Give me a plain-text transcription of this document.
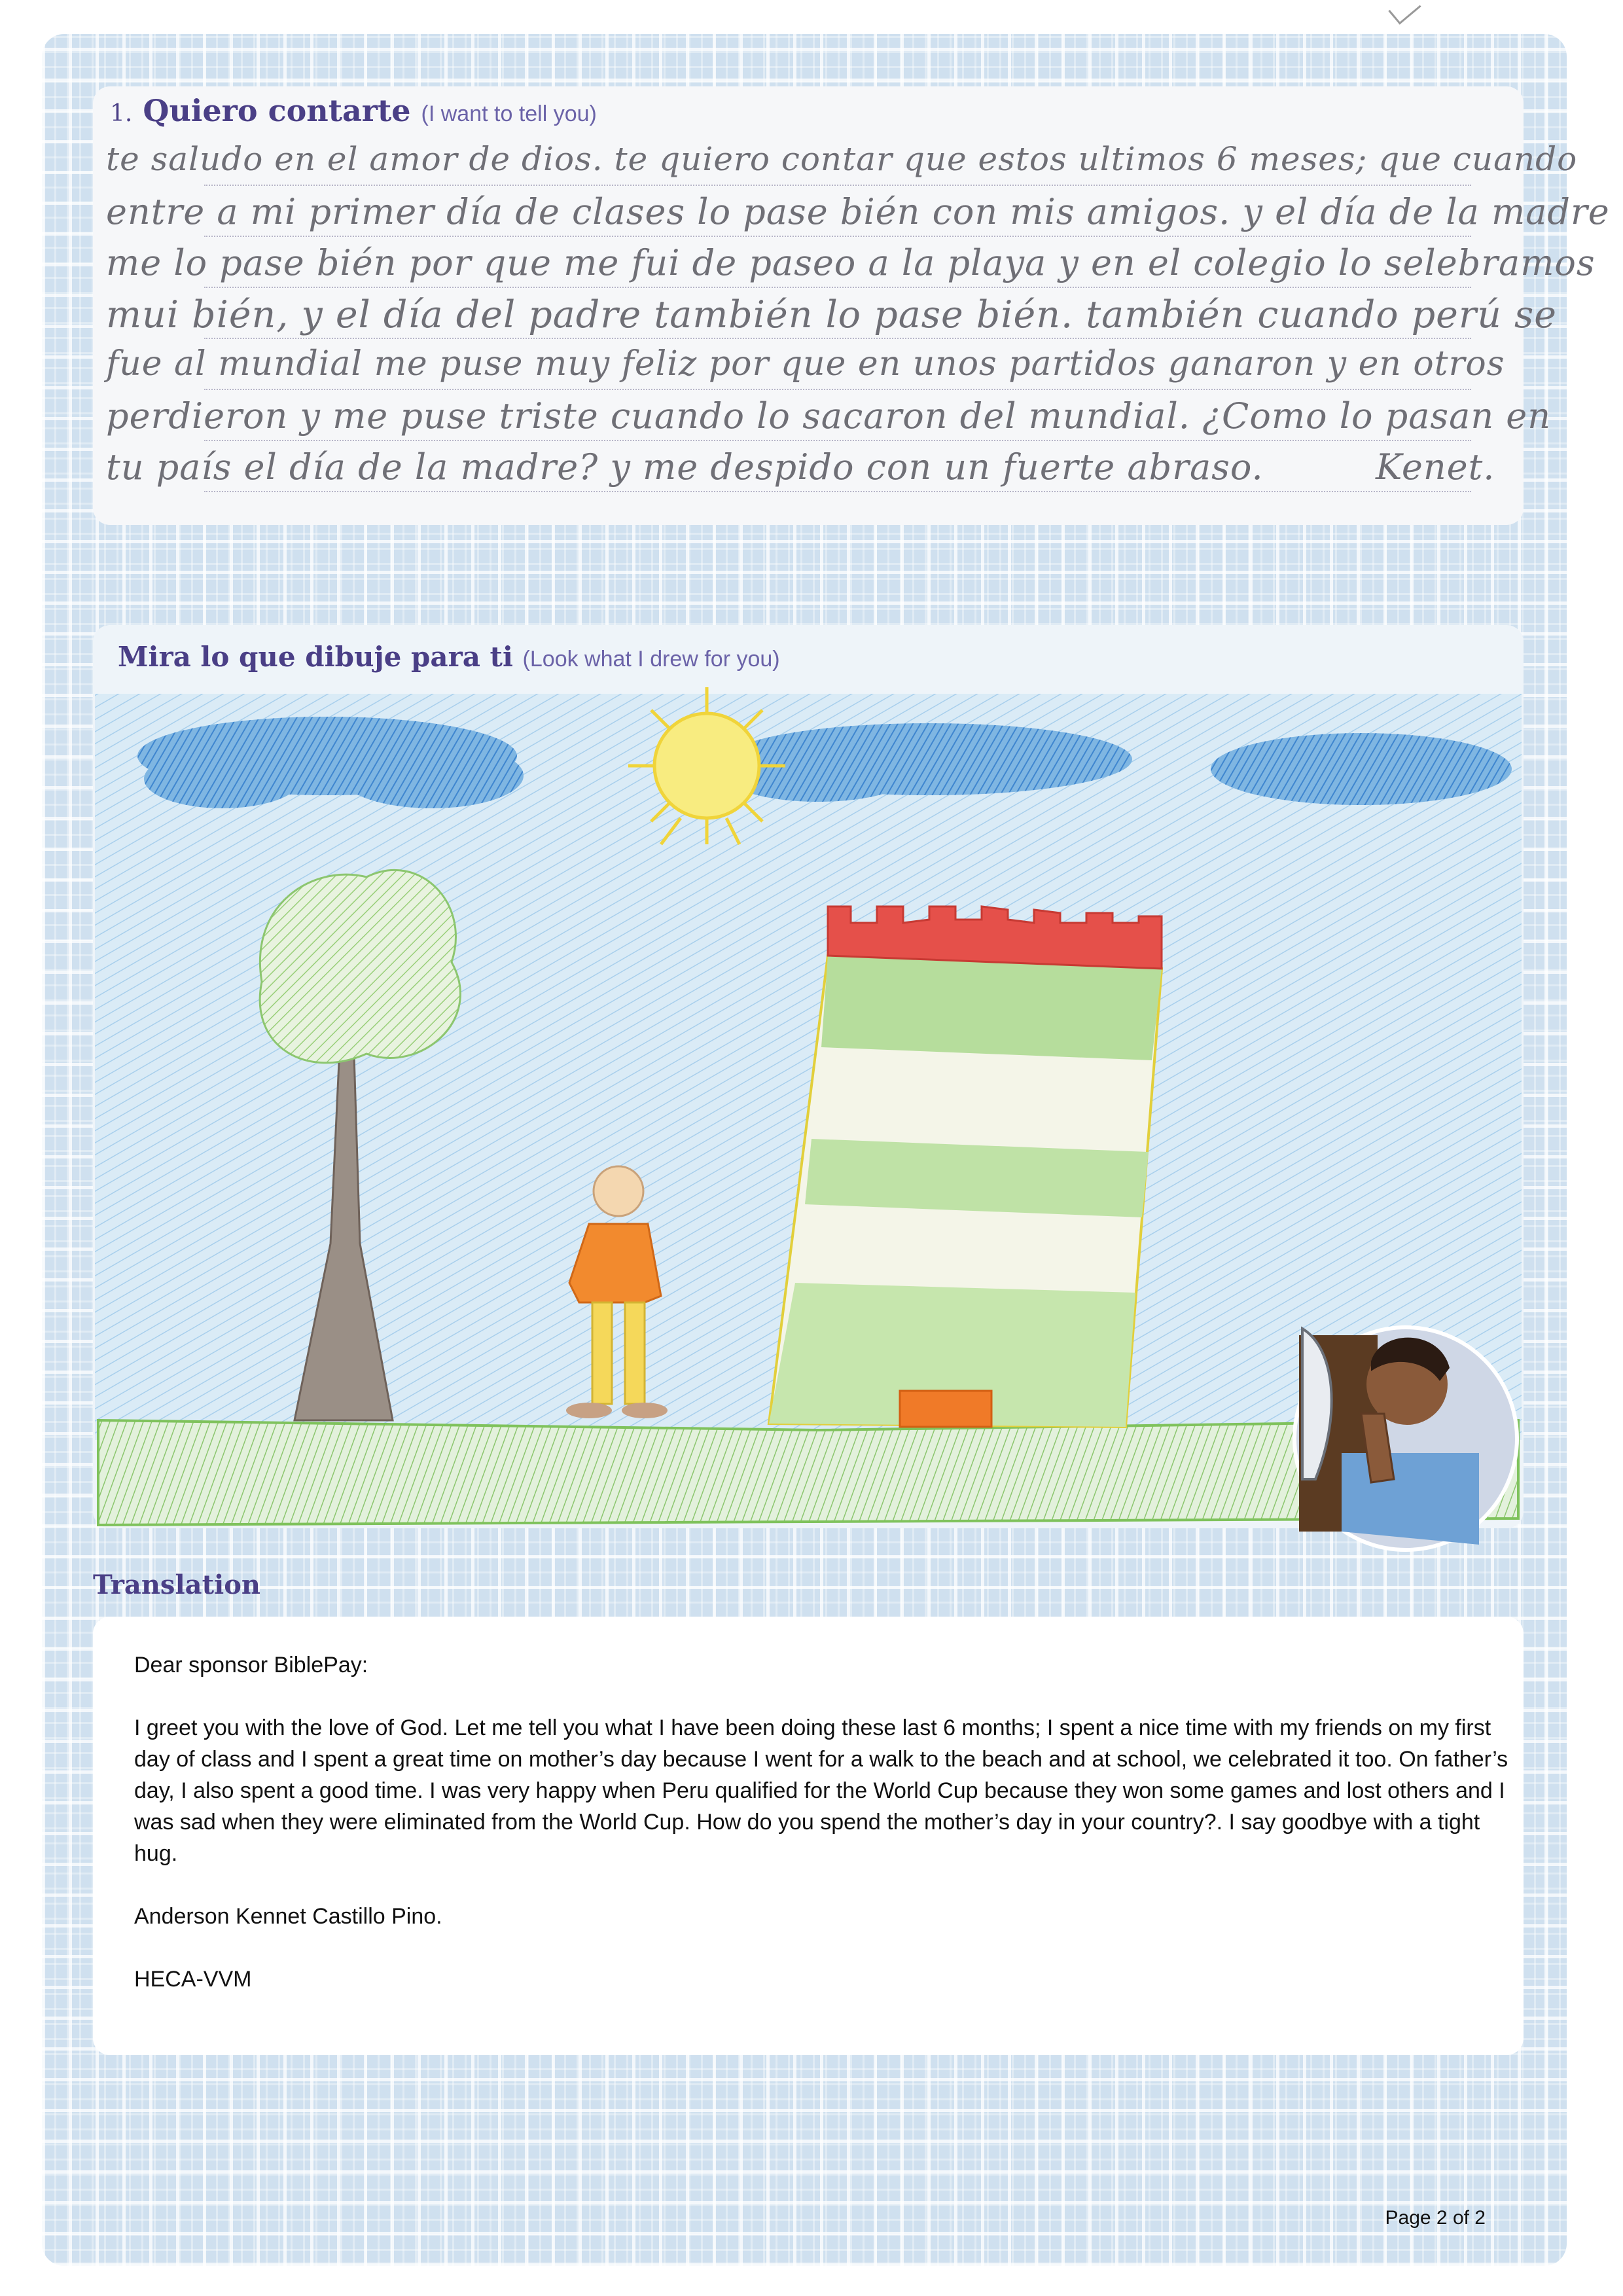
1. Quiero contarte (I want to tell you)
te saludo en el amor de dios. te quiero contar que estos ultimos 6 meses; que cuando
entre a mi primer día de clases lo pase bién con mis amigos. y el día de la madre
me lo pase bién por que me fui de paseo a la playa y en el colegio lo selebramos
mui bién, y el día del padre también lo pase bién. también cuando perú se
fue al mundial me puse muy feliz por que en unos partidos ganaron y en otros
perdieron y me puse triste cuando lo sacaron del mundial. ¿Como lo pasan en
tu país el día de la madre? y me despido con un fuerte abraso.	Kenet.
Mira lo que dibuje para ti (Look what I drew for you)
Translation
Dear sponsor BiblePay:
I greet you with the love of God. Let me tell you what I have been doing these last 6 months; I spent a nice time with my friends on my first day of class and I spent a great time on mother’s day because I went for a walk to the beach and at school, we celebrated it too. On father’s day, I also spent a good time. I was very happy when Peru qualified for the World Cup because they won some games and lost others and I was sad when they were eliminated from the World Cup. How do you spend the mother’s day in your country?. I say goodbye with a tight hug.
Anderson Kennet Castillo Pino.
HECA-VVM
Page 2 of 2
